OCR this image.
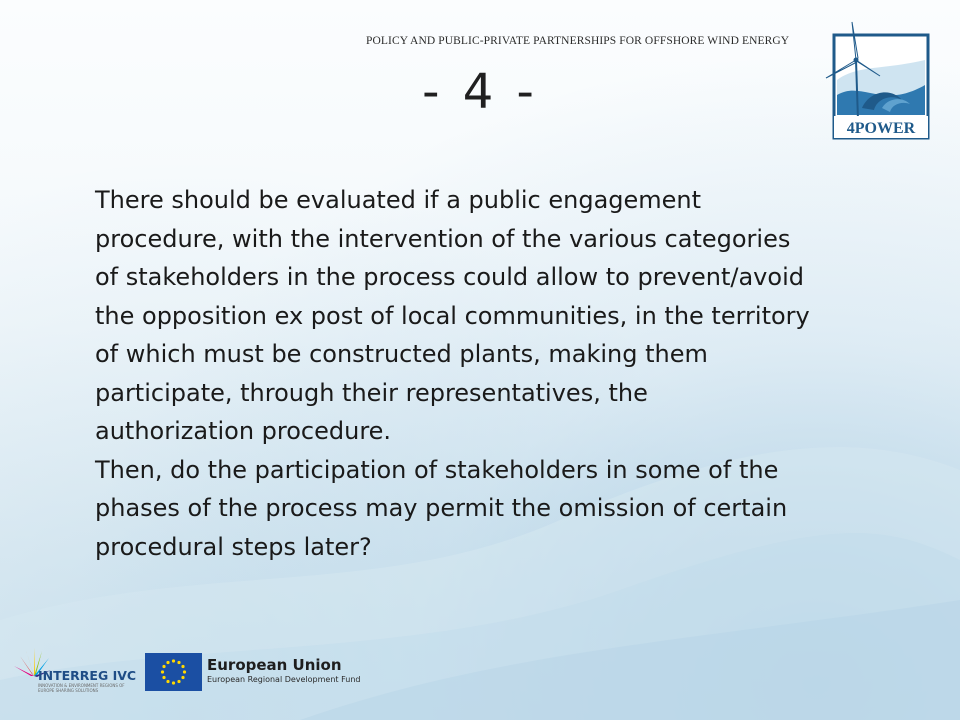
POLICY AND PUBLIC-PRIVATE PARTNERSHIPS FOR OFFSHORE WIND ENERGY
4POWER
- 4 -

There should be evaluated if a public engagement
procedure, with the intervention of the various categories
of stakeholders in the process could allow to prevent/avoid
the opposition ex post of local communities, in the territory
of which must be constructed plants, making them
participate, through their representatives, the
authorization procedure.

Then, do the participation of stakeholders in some of the
phases of the process may permit the omission of certain
procedural steps later?

INTERREG IVC
INNOVATION & ENVIRONMENT REGIONS OF EUROPE SHARING SOLUTIONS
European Union
European Regional Development Fund
